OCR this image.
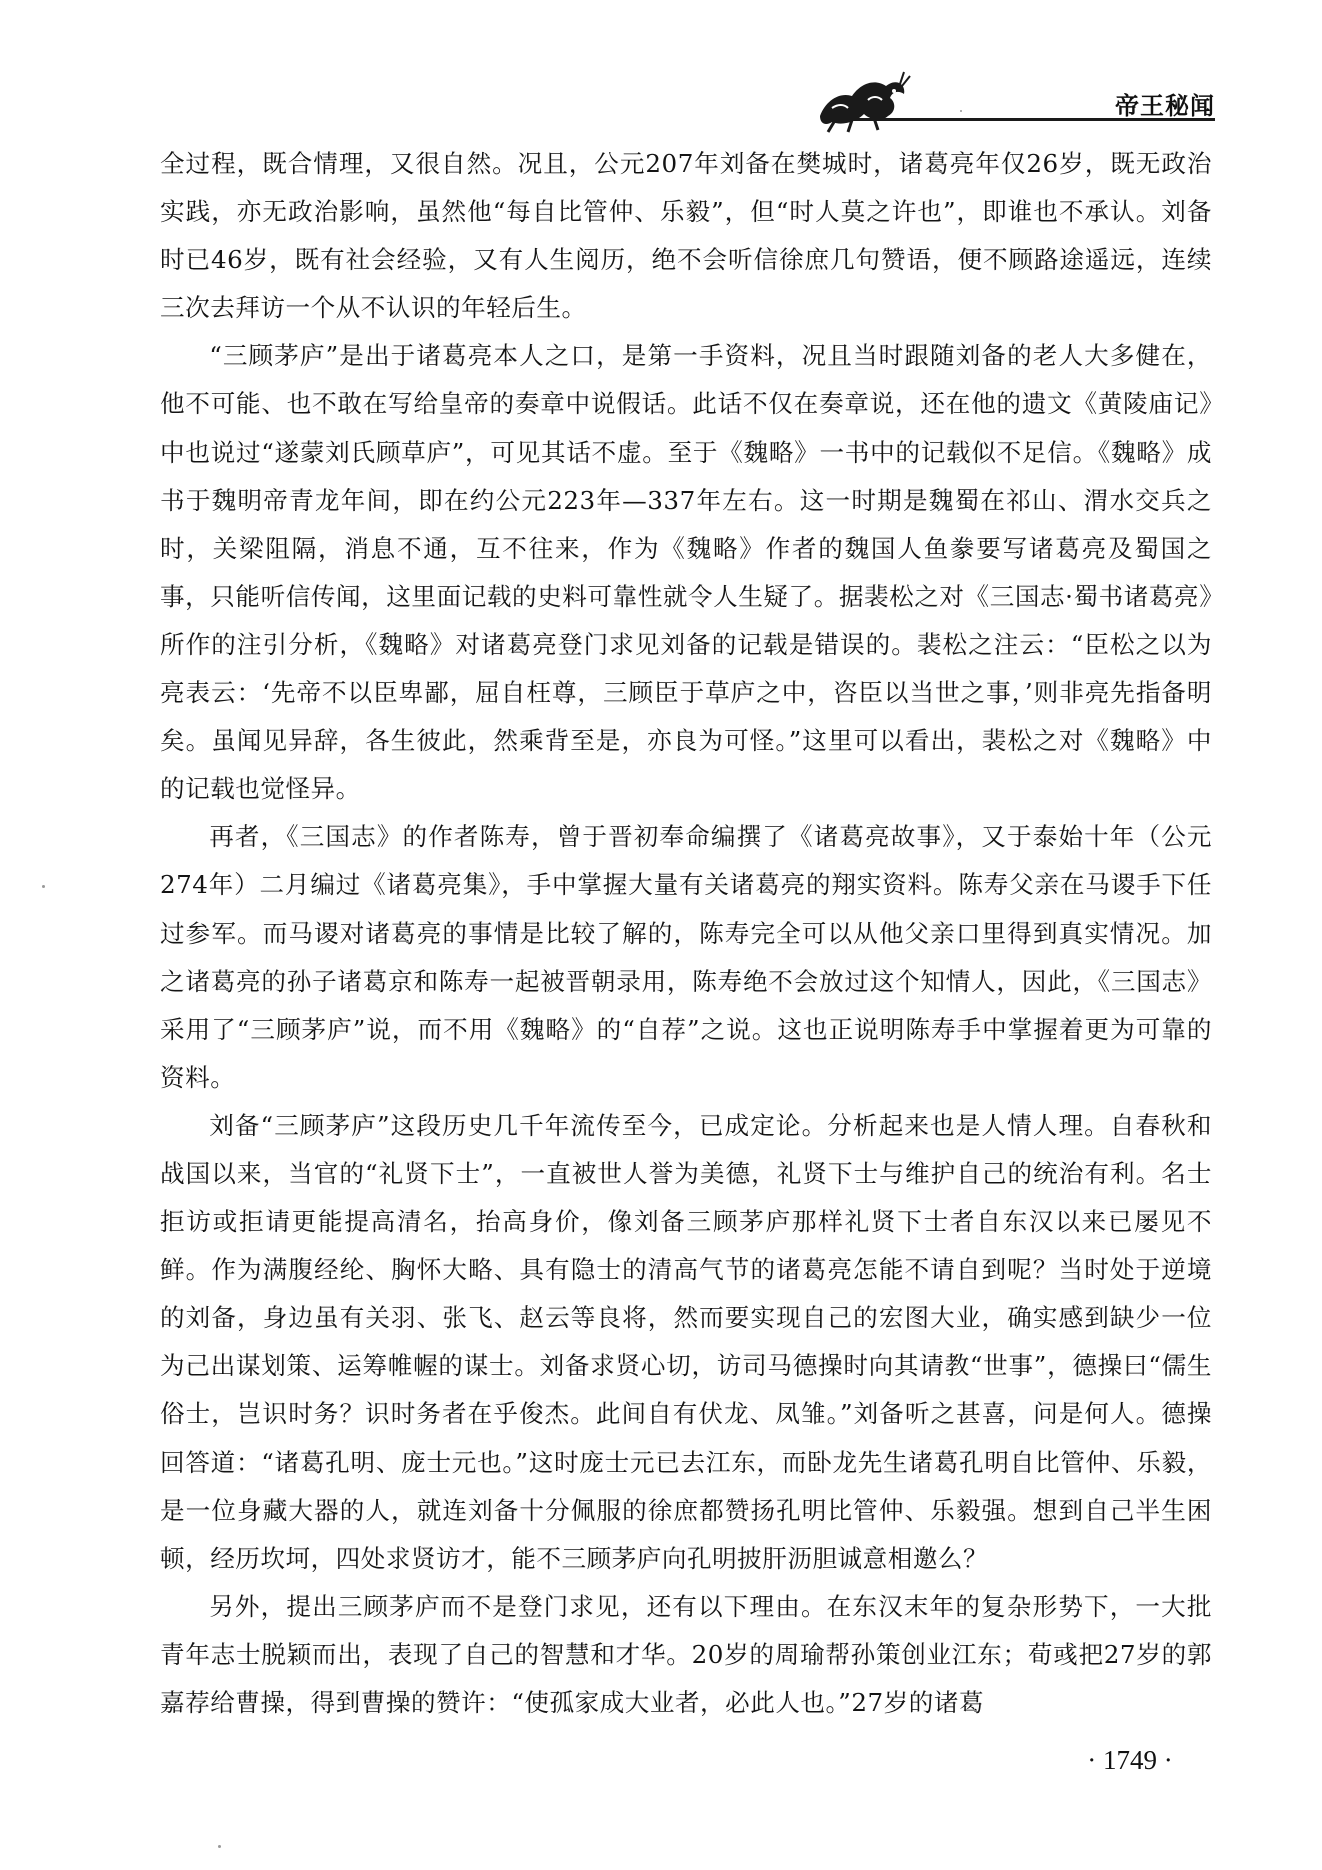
帝王秘闻

全过程，既合情理，又很自然。况且，公元207年刘备在樊城时，诸葛亮年仅26岁，既无政治实践，亦无政治影响，虽然他“每自比管仲、乐毅”，但“时人莫之许也”，即谁也不承认。刘备时已46岁，既有社会经验，又有人生阅历，绝不会听信徐庶几句赞语，便不顾路途遥远，连续三次去拜访一个从不认识的年轻后生。

“三顾茅庐”是出于诸葛亮本人之口，是第一手资料，况且当时跟随刘备的老人大多健在，他不可能、也不敢在写给皇帝的奏章中说假话。此话不仅在奏章说，还在他的遗文《黄陵庙记》中也说过“遂蒙刘氏顾草庐”，可见其话不虚。至于《魏略》一书中的记载似不足信。《魏略》成书于魏明帝青龙年间，即在约公元223年—337年左右。这一时期是魏蜀在祁山、渭水交兵之时，关梁阻隔，消息不通，互不往来，作为《魏略》作者的魏国人鱼豢要写诸葛亮及蜀国之事，只能听信传闻，这里面记载的史料可靠性就令人生疑了。据裴松之对《三国志·蜀书诸葛亮》所作的注引分析，《魏略》对诸葛亮登门求见刘备的记载是错误的。裴松之注云：“臣松之以为亮表云：‘先帝不以臣卑鄙，屈自枉尊，三顾臣于草庐之中，咨臣以当世之事，’则非亮先指备明矣。虽闻见异辞，各生彼此，然乘背至是，亦良为可怪。”这里可以看出，裴松之对《魏略》中的记载也觉怪异。

再者，《三国志》的作者陈寿，曾于晋初奉命编撰了《诸葛亮故事》，又于泰始十年（公元274年）二月编过《诸葛亮集》，手中掌握大量有关诸葛亮的翔实资料。陈寿父亲在马谡手下任过参军。而马谡对诸葛亮的事情是比较了解的，陈寿完全可以从他父亲口里得到真实情况。加之诸葛亮的孙子诸葛京和陈寿一起被晋朝录用，陈寿绝不会放过这个知情人，因此，《三国志》采用了“三顾茅庐”说，而不用《魏略》的“自荐”之说。这也正说明陈寿手中掌握着更为可靠的资料。

刘备“三顾茅庐”这段历史几千年流传至今，已成定论。分析起来也是人情人理。自春秋和战国以来，当官的“礼贤下士”，一直被世人誉为美德，礼贤下士与维护自己的统治有利。名士拒访或拒请更能提高清名，抬高身价，像刘备三顾茅庐那样礼贤下士者自东汉以来已屡见不鲜。作为满腹经纶、胸怀大略、具有隐士的清高气节的诸葛亮怎能不请自到呢？当时处于逆境的刘备，身边虽有关羽、张飞、赵云等良将，然而要实现自己的宏图大业，确实感到缺少一位为己出谋划策、运筹帷幄的谋士。刘备求贤心切，访司马德操时向其请教“世事”，德操曰“儒生俗士，岂识时务？识时务者在乎俊杰。此间自有伏龙、凤雏。”刘备听之甚喜，问是何人。德操回答道：“诸葛孔明、庞士元也。”这时庞士元已去江东，而卧龙先生诸葛孔明自比管仲、乐毅，是一位身藏大器的人，就连刘备十分佩服的徐庶都赞扬孔明比管仲、乐毅强。想到自己半生困顿，经历坎坷，四处求贤访才，能不三顾茅庐向孔明披肝沥胆诚意相邀么？

另外，提出三顾茅庐而不是登门求见，还有以下理由。在东汉末年的复杂形势下，一大批青年志士脱颖而出，表现了自己的智慧和才华。20岁的周瑜帮孙策创业江东；荀彧把27岁的郭嘉荐给曹操，得到曹操的赞许：“使孤家成大业者，必此人也。”27岁的诸葛

· 1749 ·
